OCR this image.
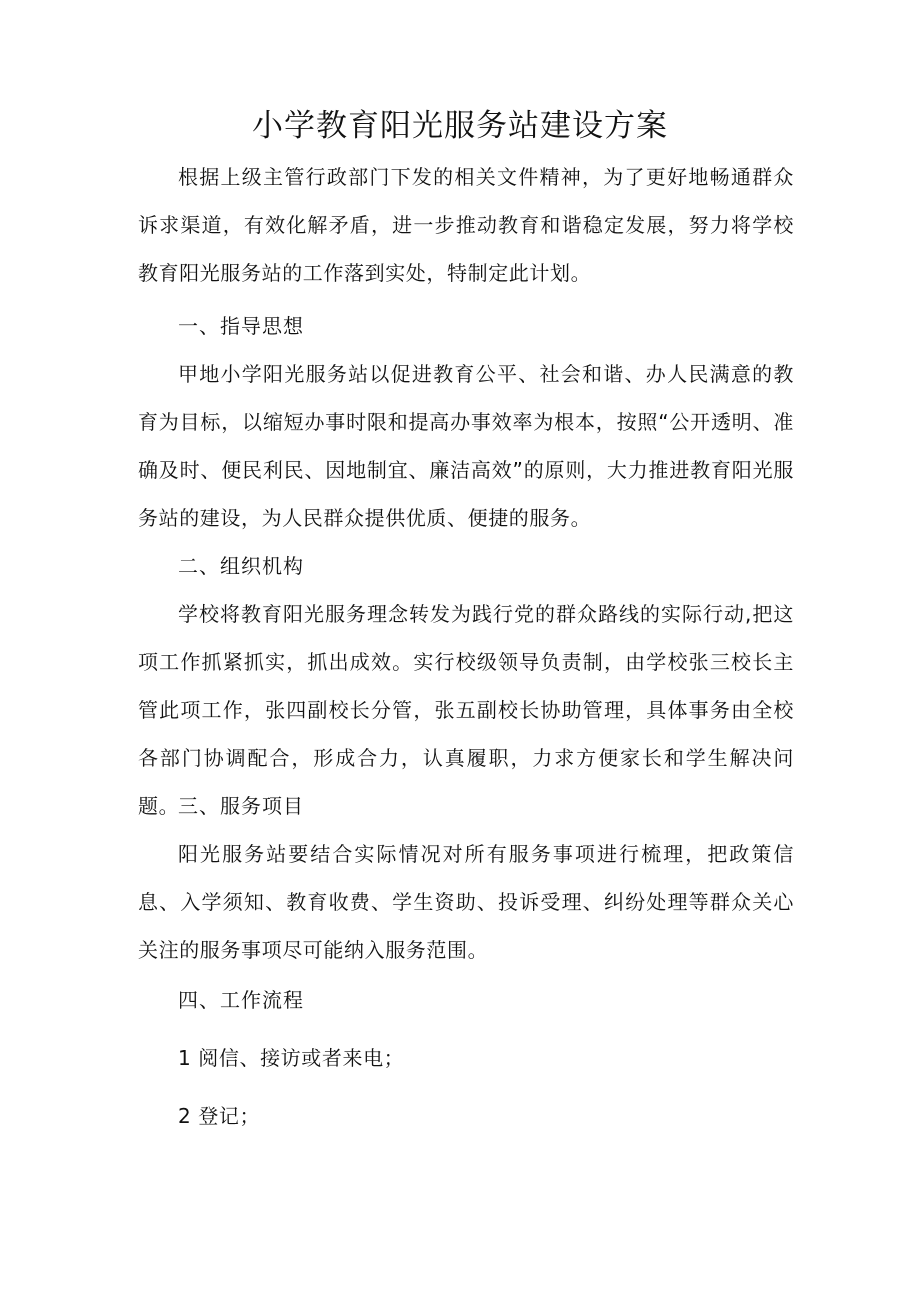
小学教育阳光服务站建设方案

根据上级主管行政部门下发的相关文件精神，为了更好地畅通群众诉求渠道，有效化解矛盾，进一步推动教育和谐稳定发展，努力将学校教育阳光服务站的工作落到实处，特制定此计划。

一、指导思想

甲地小学阳光服务站以促进教育公平、社会和谐、办人民满意的教育为目标，以缩短办事时限和提高办事效率为根本，按照“公开透明、准确及时、便民利民、因地制宜、廉洁高效”的原则，大力推进教育阳光服务站的建设，为人民群众提供优质、便捷的服务。

二、组织机构

学校将教育阳光服务理念转发为践行党的群众路线的实际行动,把这项工作抓紧抓实，抓出成效。实行校级领导负责制，由学校张三校长主管此项工作，张四副校长分管，张五副校长协助管理，具体事务由全校各部门协调配合，形成合力，认真履职，力求方便家长和学生解决问题。

三、服务项目

阳光服务站要结合实际情况对所有服务事项进行梳理，把政策信息、入学须知、教育收费、学生资助、投诉受理、纠纷处理等群众关心关注的服务事项尽可能纳入服务范围。

四、工作流程

1 阅信、接访或者来电；

2 登记；
